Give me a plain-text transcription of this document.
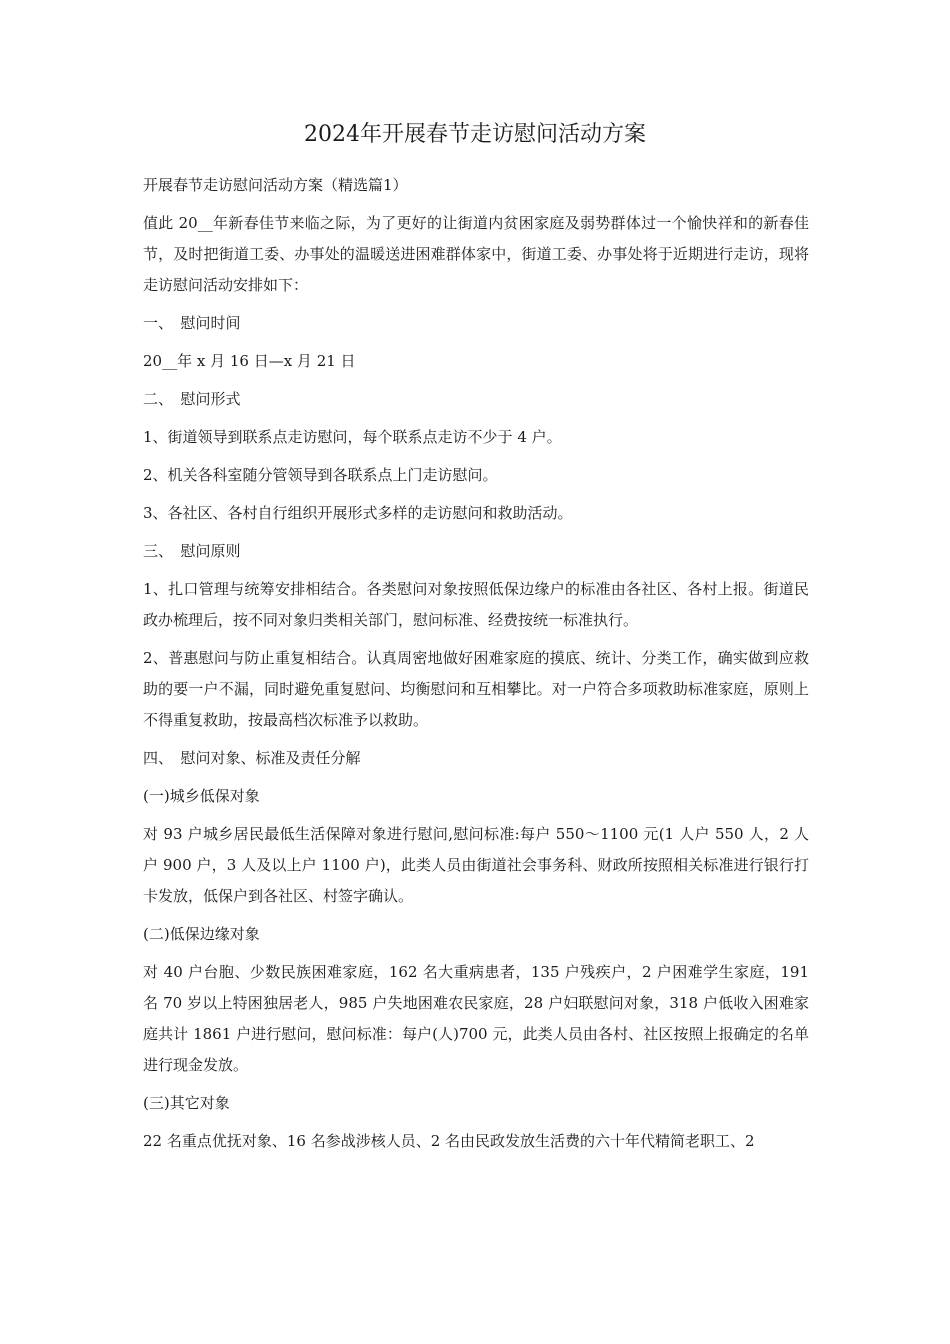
2024年开展春节走访慰问活动方案

开展春节走访慰问活动方案（精选篇1）

值此 20__年新春佳节来临之际，为了更好的让街道内贫困家庭及弱势群体过一个愉快祥和的新春佳节，及时把街道工委、办事处的温暖送进困难群体家中，街道工委、办事处将于近期进行走访，现将走访慰问活动安排如下：

一、　慰问时间

20__年 x 月 16 日—x 月 21 日

二、　慰问形式

1、街道领导到联系点走访慰问，每个联系点走访不少于 4 户。

2、机关各科室随分管领导到各联系点上门走访慰问。

3、各社区、各村自行组织开展形式多样的走访慰问和救助活动。

三、　慰问原则

1、扎口管理与统筹安排相结合。各类慰问对象按照低保边缘户的标准由各社区、各村上报。街道民政办梳理后，按不同对象归类相关部门，慰问标准、经费按统一标准执行。

2、普惠慰问与防止重复相结合。认真周密地做好困难家庭的摸底、统计、分类工作，确实做到应救助的要一户不漏，同时避免重复慰问、均衡慰问和互相攀比。对一户符合多项救助标准家庭，原则上不得重复救助，按最高档次标准予以救助。

四、　慰问对象、标准及责任分解

(一)城乡低保对象

对 93 户城乡居民最低生活保障对象进行慰问,慰问标准:每户 550～1100 元(1 人户 550 人，2 人户 900 户，3 人及以上户 1100 户)，此类人员由街道社会事务科、财政所按照相关标准进行银行打卡发放，低保户到各社区、村签字确认。

(二)低保边缘对象

对 40 户台胞、少数民族困难家庭，162 名大重病患者，135 户残疾户，2 户困难学生家庭，191 名 70 岁以上特困独居老人，985 户失地困难农民家庭，28 户妇联慰问对象，318 户低收入困难家庭共计 1861 户进行慰问，慰问标准：每户(人)700 元，此类人员由各村、社区按照上报确定的名单进行现金发放。

(三)其它对象

22 名重点优抚对象、16 名参战涉核人员、2 名由民政发放生活费的六十年代精简老职工、2
